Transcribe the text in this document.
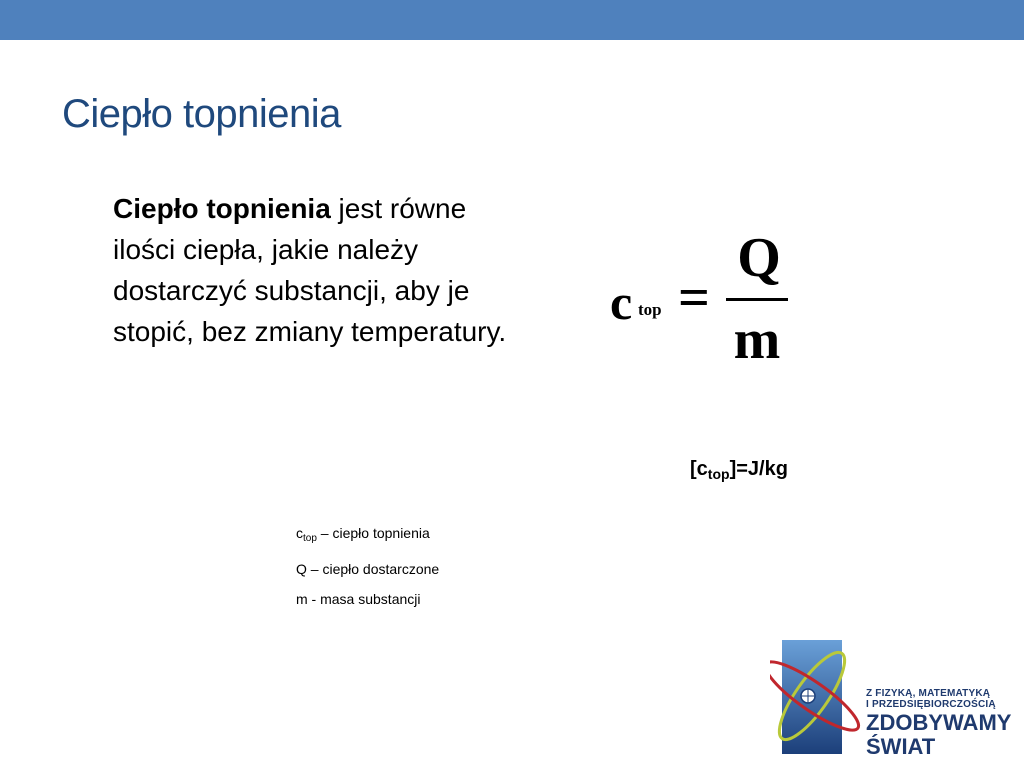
Ciepło topnienia
Ciepło topnienia jest równe ilości ciepła, jakie należy dostarczyć substancji, aby je stopić, bez zmiany temperatury.
c top =
Q
m
$[c_{top}]=J/kg$
$c_{top}$ – ciepło topnienia
Q – ciepło dostarczone
m - masa substancji
Z FIZYKĄ, MATEMATYKĄ
I PRZEDSIĘBIORCZOŚCIĄ
ZDOBYWAMY
ŚWIAT
